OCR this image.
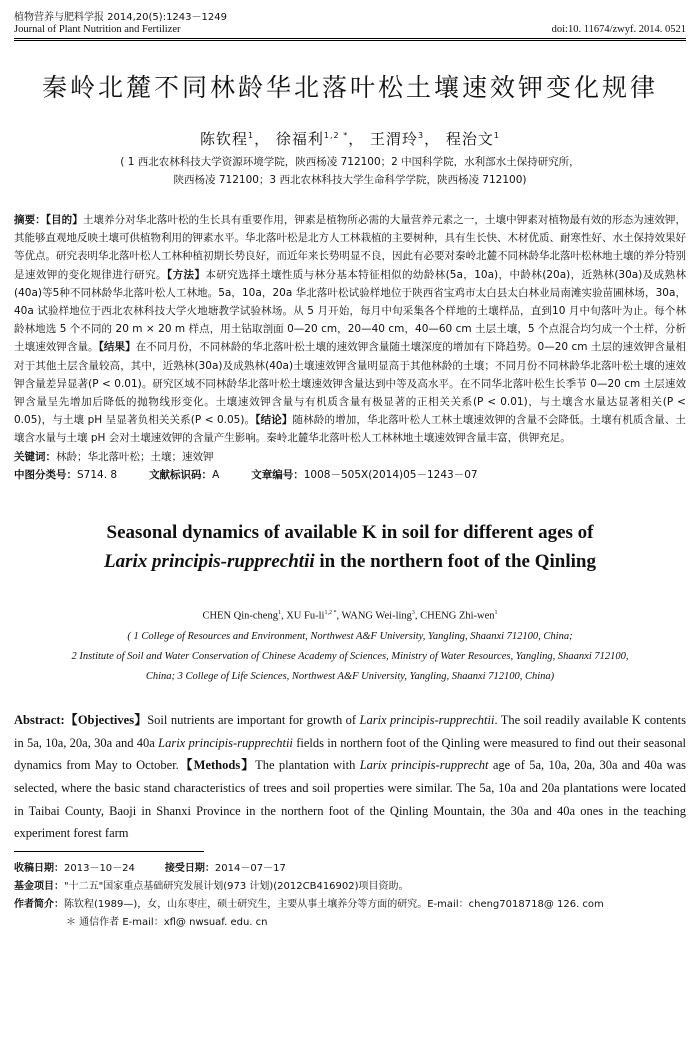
植物营养与肥料学报 2014,20(5):1243－1249
Journal of Plant Nutrition and Fertilizer	doi:10. 11674/zwyf. 2014. 0521
秦岭北麓不同林龄华北落叶松土壤速效钾变化规律
陈钦程$^1$， 徐福利$^{1,2 *}$， 王渭玲$^3$， 程治文$^1$
( 1 西北农林科技大学资源环境学院，陕西杨凌 712100；2 中国科学院，水利部水土保持研究所，
陕西杨凌 712100；3 西北农林科技大学生命科学学院，陕西杨凌 712100)
摘要：【目的】土壤养分对华北落叶松的生长具有重要作用，钾素是植物所必需的大量营养元素之一，土壤中钾素对植物最有效的形态为速效钾，其能够直观地反映土壤可供植物利用的钾素水平。华北落叶松是北方人工林栽植的主要树种，具有生长快、木材优质、耐寒性好、水土保持效果好等优点。研究表明华北落叶松人工林种植初期长势良好，而近年来长势明显不良，因此有必要对秦岭北麓不同林龄华北落叶松林地土壤的养分特别是速效钾的变化规律进行研究。【方法】本研究选择土壤性质与林分基本特征相似的幼龄林(5a，10a)，中龄林(20a)，近熟林(30a)及成熟林(40a)等5种不同林龄华北落叶松人工林地。5a，10a，20a 华北落叶松试验样地位于陕西省宝鸡市太白县太白林业局南滩实验苗圃林场，30a，40a 试验样地位于西北农林科技大学火地塘教学试验林场。从 5 月开始，每月中旬采集各个样地的土壤样品，直到10 月中旬落叶为止。每个林龄林地选 5 个不同的 20 m × 20 m 样点，用土钻取剖面 0—20 cm，20—40 cm，40—60 cm 土层土壤，5 个点混合均匀成一个土样，分析土壤速效钾含量。【结果】在不同月份，不同林龄的华北落叶松土壤的速效钾含量随土壤深度的增加有下降趋势。0—20 cm 土层的速效钾含量相对于其他土层含量较高，其中，近熟林(30a)及成熟林(40a)土壤速效钾含量明显高于其他林龄的土壤；不同月份不同林龄华北落叶松土壤的速效钾含量差异显著(P < 0.01)。研究区域不同林龄华北落叶松土壤速效钾含量达到中等及高水平。在不同华北落叶松生长季节 0—20 cm 土层速效钾含量呈先增加后降低的抛物线形变化。土壤速效钾含量与有机质含量有极显著的正相关关系(P < 0.01)，与土壤含水量达显著相关(P < 0.05)，与土壤 pH 呈显著负相关关系(P < 0.05)。【结论】随林龄的增加，华北落叶松人工林土壤速效钾的含量不会降低。土壤有机质含量、土壤含水量与土壤 pH 会对土壤速效钾的含量产生影响。秦岭北麓华北落叶松人工林林地土壤速效钾含量丰富，供钾充足。
关键词：林龄；华北落叶松；土壤；速效钾
中图分类号：S714. 8	文献标识码：A	文章编号：1008－505X(2014)05－1243－07
Seasonal dynamics of available K in soil for different ages of
Larix principis-rupprechtii in the northern foot of the Qinling
CHEN Qin-cheng$^1$, XU $Fu-li^{1,2 *}$, WANG Wei-ling$^3$, CHENG Zhi-wen$^1$
( 1 College of Resources and Environment, Northwest A&F University, Yangling, Shaanxi 712100, China;
2 Institute of Soil and Water Conservation of Chinese Academy of Sciences, Ministry of Water Resources, Yangling, Shaanxi 712100,
China; 3 College of Life Sciences, Northwest A&F University, Yangling, Shaanxi 712100, China)
Abstract:【Objectives】Soil nutrients are important for growth of Larix principis-rupprechtii. The soil readily available K contents in 5a, 10a, 20a, 30a and 40a Larix principis-rupprechtii fields in northern foot of the Qinling were measured to find out their seasonal dynamics from May to October.【Methods】The plantation with Larix principis-rupprecht age of 5a, 10a, 20a, 30a and 40a was selected, where the basic stand characteristics of trees and soil properties were similar. The 5a, 10a and 20a plantations were located in Taibai County, Baoji in Shanxi Province in the northern foot of the Qinling Mountain, the 30a and 40a ones in the teaching experiment forest farm
收稿日期：2013－10－24	接受日期：2014－07－17
基金项目："十二五"国家重点基础研究发展计划(973 计划)(2012CB416902)项目资助。
作者简介：陈钦程(1989—)，女，山东枣庄，硕士研究生，主要从事土壤养分等方面的研究。E-mail：cheng7018718@ 126. com
＊ 通信作者 E-mail：xfl@ nwsuaf. edu. cn
